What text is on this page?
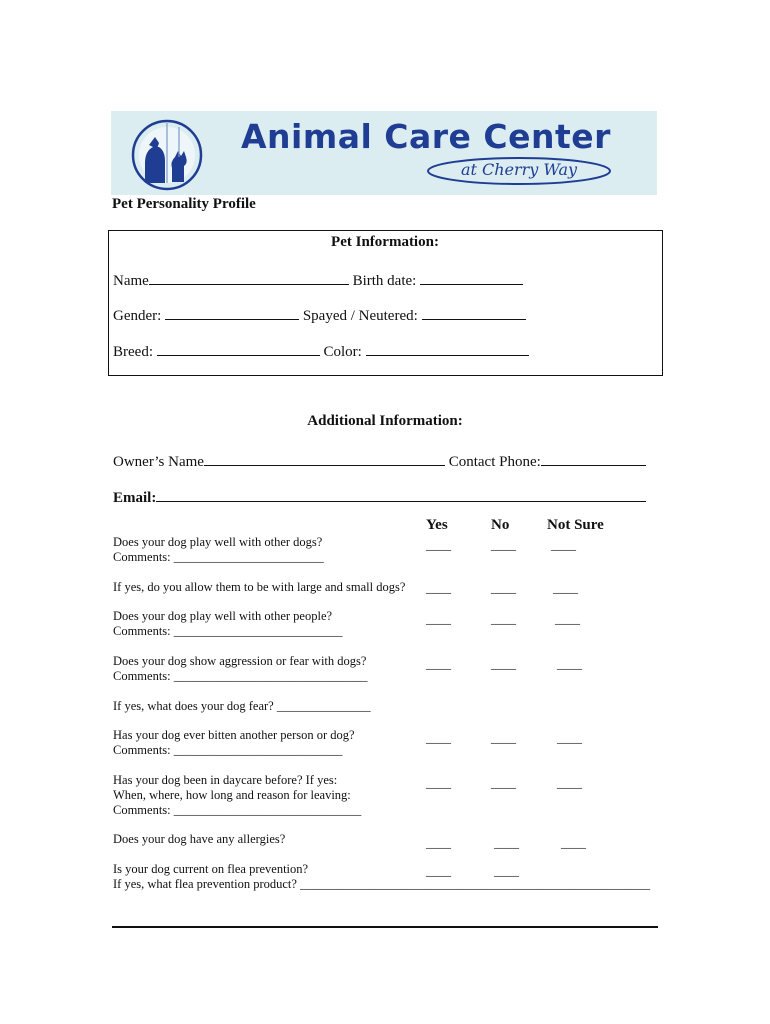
Animal Care Center
at Cherry Way
Pet Personality Profile
Pet Information:
Name	Birth date:
Gender:	Spayed / Neutered:
Breed:	Color:
Additional Information:
Owner’s Name	Contact Phone:
Email:
Yes	No	Not Sure
Does your dog play well with other dogs?
Comments: ________________________
____	____	____
If yes, do you allow them to be with large and small dogs? ____	____	____
Does your dog play well with other people?
Comments: ___________________________
____	____	____
Does your dog show aggression or fear with dogs?
Comments: _______________________________
____	____	____
If yes, what does your dog fear? _______________
Has your dog ever bitten another person or dog?
Comments: ___________________________
____	____	____
Has your dog been in daycare before? If yes:
When, where, how long and reason for leaving:
Comments: ______________________________
____	____	____
Does your dog have any allergies?	____	____	____
Is your dog current on flea prevention?
If yes, what flea prevention product? ________________________________________________________
____	____
